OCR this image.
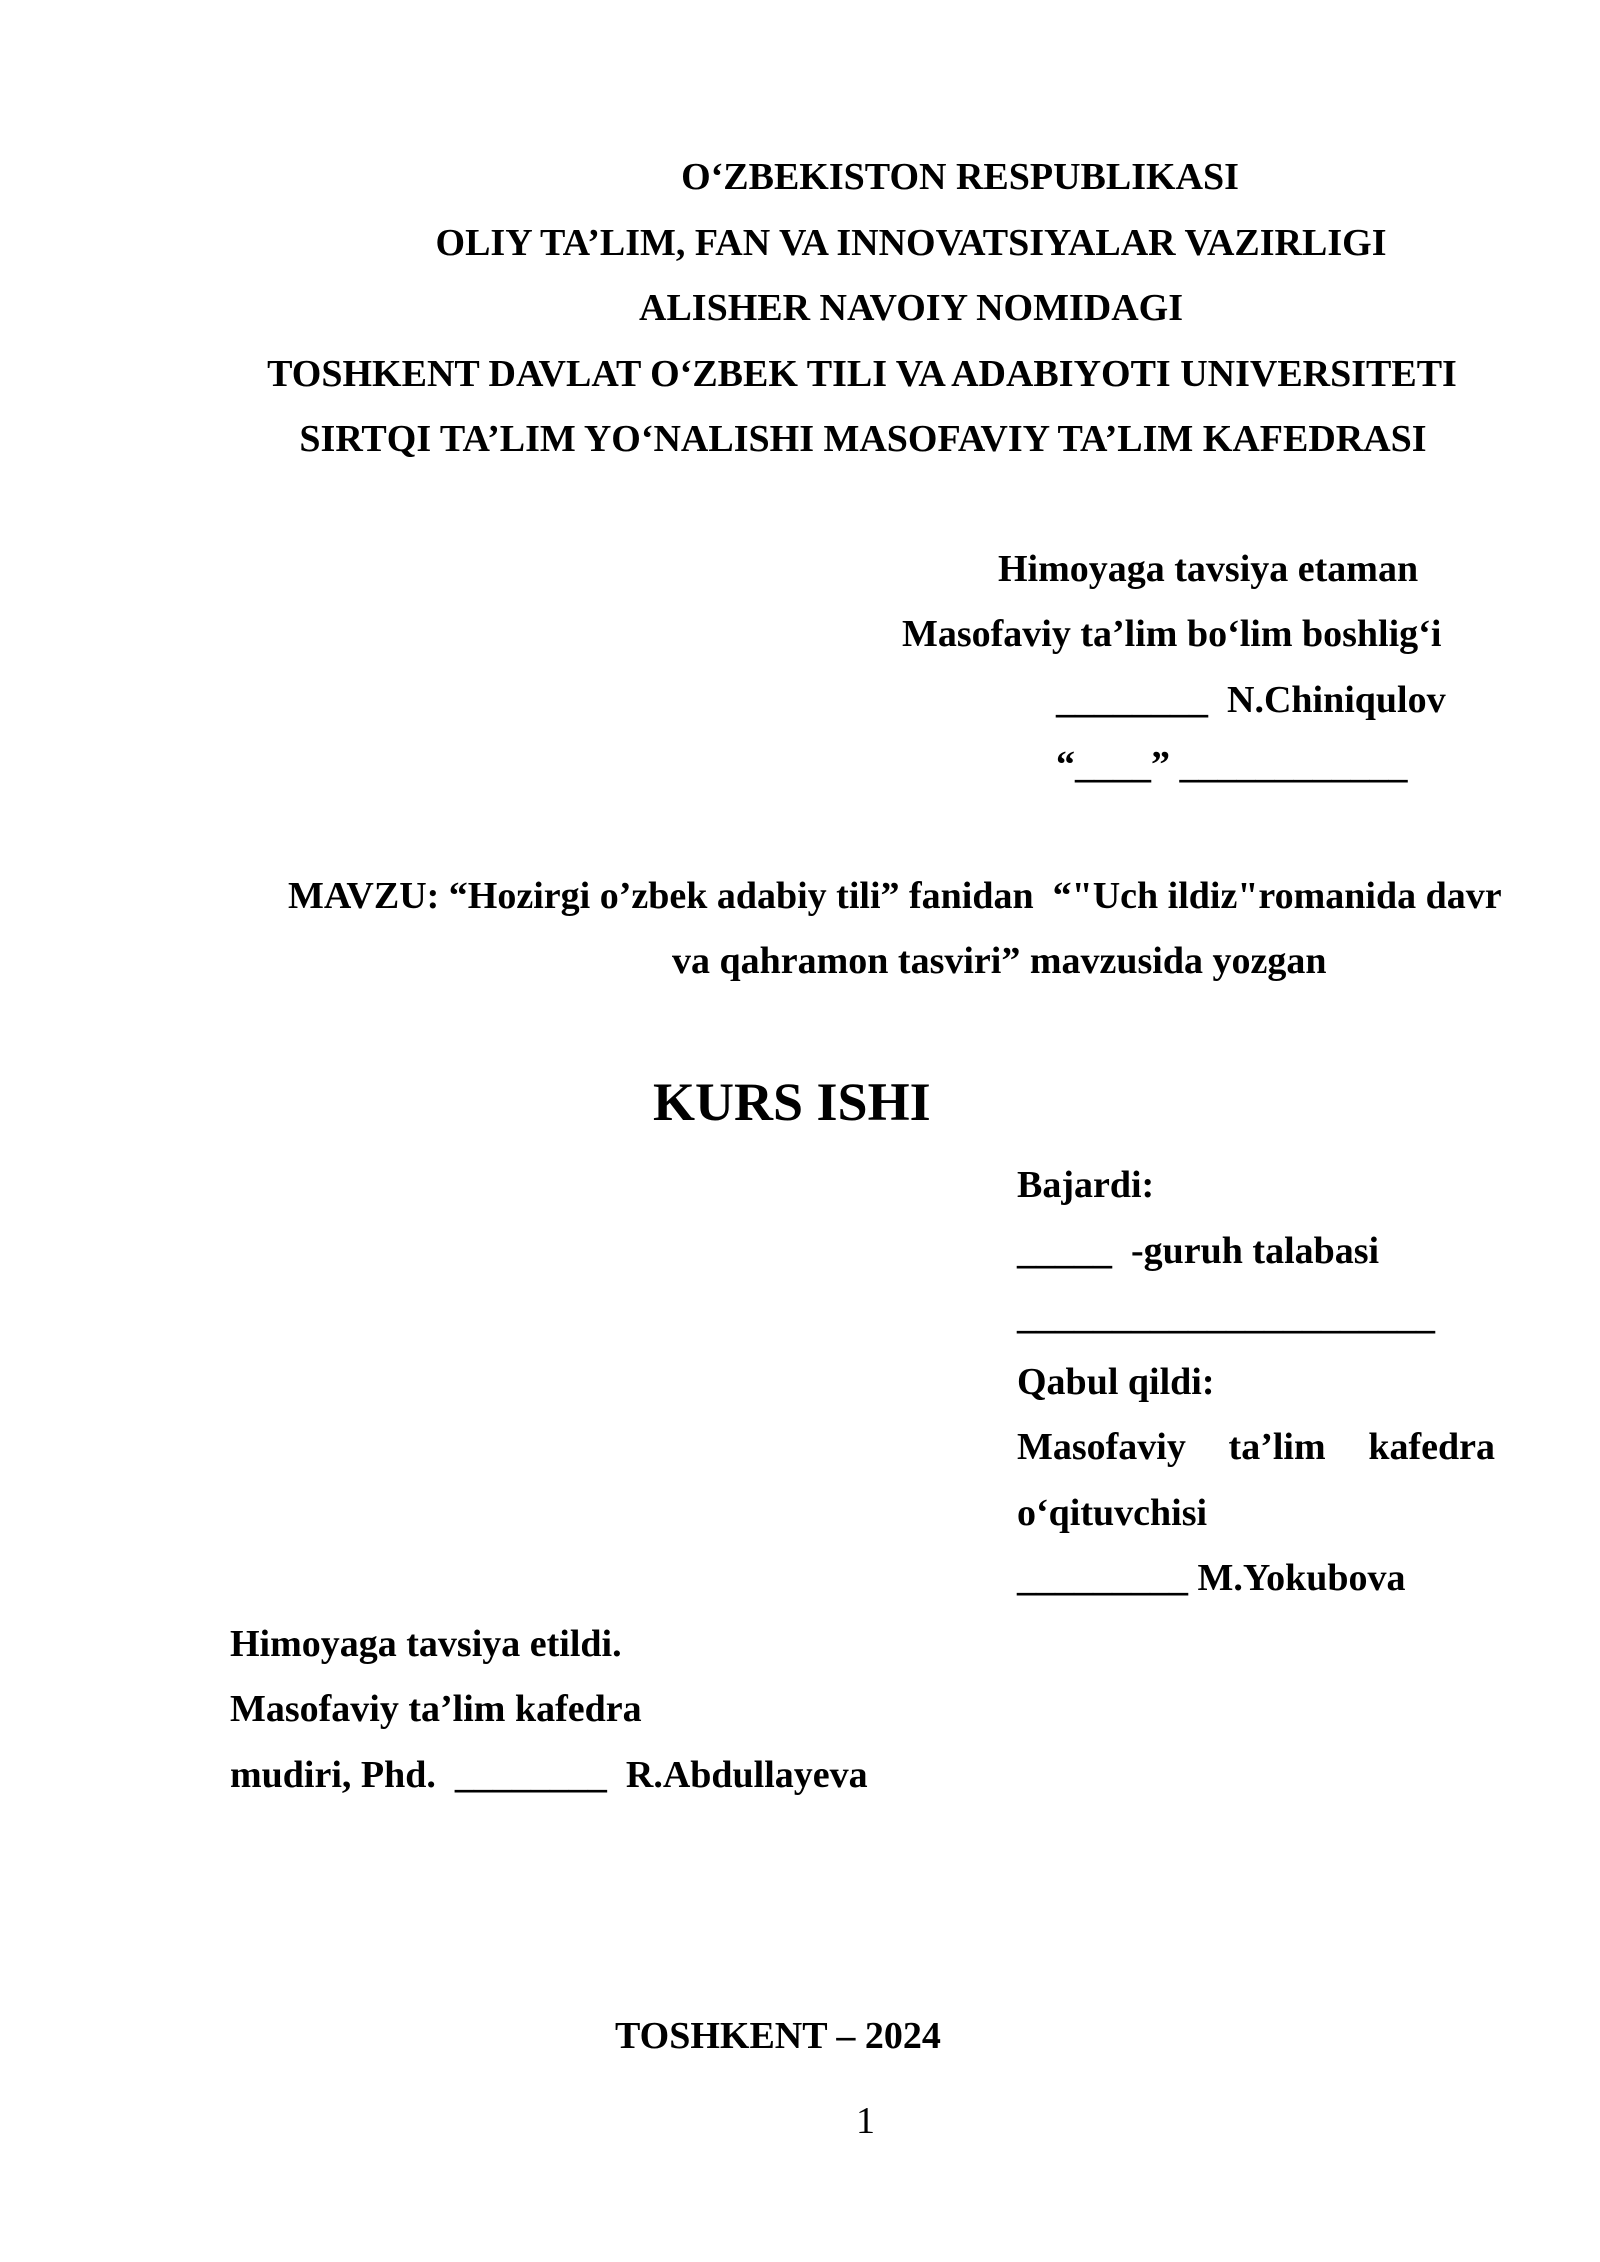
O‘ZBEKISTON RESPUBLIKASI
OLIY TA’LIM, FAN VA INNOVATSIYALAR VAZIRLIGI
ALISHER NAVOIY NOMIDAGI
TOSHKENT DAVLAT O‘ZBEK TILI VA ADABIYOTI UNIVERSITETI
SIRTQI TA’LIM YO‘NALISHI MASOFAVIY TA’LIM KAFEDRASI
Himoyaga tavsiya etaman
Masofaviy ta’lim bo‘lim boshlig‘i
________  N.Chiniqulov
“____” ____________
MAVZU: “Hozirgi o’zbek adabiy tili” fanidan  “"Uch ildiz"romanida davr
va qahramon tasviri” mavzusida yozgan
KURS ISHI
Bajardi:
_____  -guruh talabasi
______________________
Qabul qildi:
Masofaviy ta’lim kafedra
o‘qituvchisi
_________ M.Yokubova
Himoyaga tavsiya etildi.
Masofaviy ta’lim kafedra
mudiri, Phd.  ________  R.Abdullayeva
TOSHKENT – 2024
1
